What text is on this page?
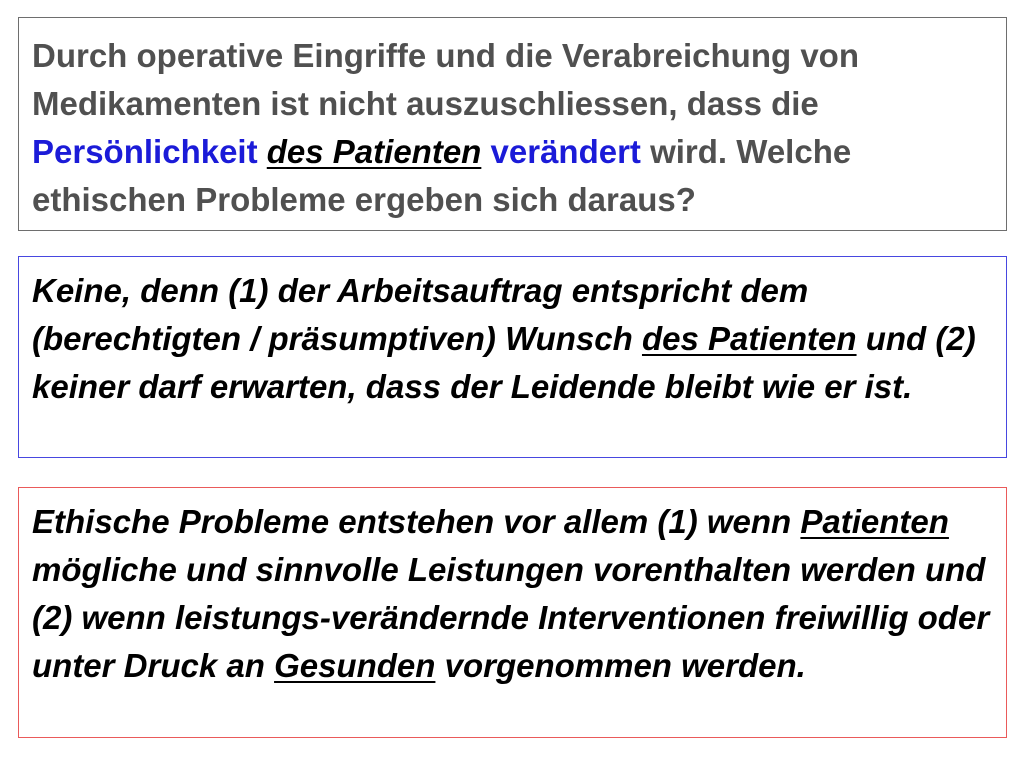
Durch operative Eingriffe und die Verabreichung von Medikamenten ist nicht auszuschliessen, dass die Persönlichkeit des Patienten verändert wird. Welche ethischen Probleme ergeben sich daraus?
Keine, denn (1) der Arbeitsauftrag entspricht dem (berechtigten / präsumptiven) Wunsch des Patienten und (2) keiner darf erwarten, dass der Leidende bleibt wie er ist.
Ethische Probleme entstehen vor allem (1) wenn Patienten mögliche und sinnvolle Leistungen vorenthalten werden und (2) wenn leistungs-verändernde Interventionen freiwillig oder unter Druck an Gesunden vorgenommen werden.
